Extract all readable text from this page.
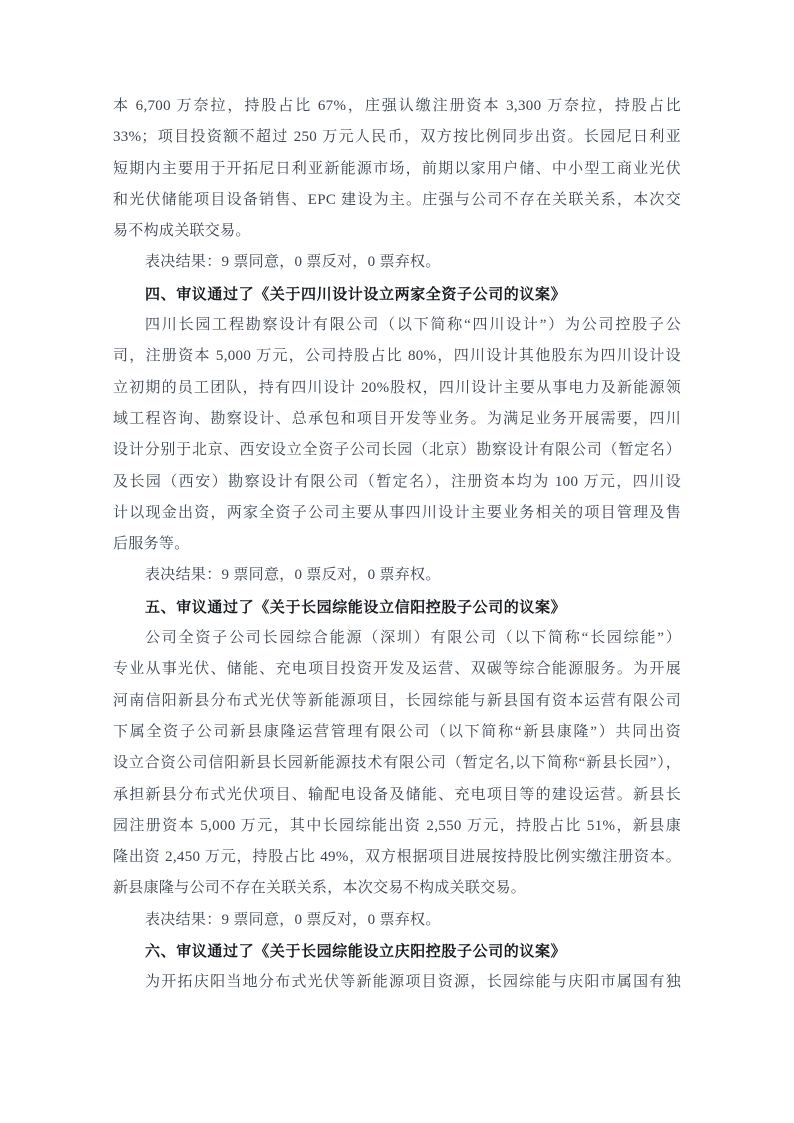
本 6,700 万奈拉，持股占比 67%，庄强认缴注册资本 3,300 万奈拉，持股占比
33%；项目投资额不超过 250 万元人民币，双方按比例同步出资。长园尼日利亚
短期内主要用于开拓尼日利亚新能源市场，前期以家用户储、中小型工商业光伏
和光伏储能项目设备销售、EPC 建设为主。庄强与公司不存在关联关系，本次交
易不构成关联交易。
表决结果：9 票同意，0 票反对，0 票弃权。
四、审议通过了《关于四川设计设立两家全资子公司的议案》
四川长园工程勘察设计有限公司（以下简称“四川设计”）为公司控股子公
司，注册资本 5,000 万元，公司持股占比 80%，四川设计其他股东为四川设计设
立初期的员工团队，持有四川设计 20%股权，四川设计主要从事电力及新能源领
域工程咨询、勘察设计、总承包和项目开发等业务。为满足业务开展需要，四川
设计分别于北京、西安设立全资子公司长园（北京）勘察设计有限公司（暂定名）
及长园（西安）勘察设计有限公司（暂定名），注册资本均为 100 万元，四川设
计以现金出资，两家全资子公司主要从事四川设计主要业务相关的项目管理及售
后服务等。
表决结果：9 票同意，0 票反对，0 票弃权。
五、审议通过了《关于长园综能设立信阳控股子公司的议案》
公司全资子公司长园综合能源（深圳）有限公司（以下简称“长园综能”）
专业从事光伏、储能、充电项目投资开发及运营、双碳等综合能源服务。为开展
河南信阳新县分布式光伏等新能源项目，长园综能与新县国有资本运营有限公司
下属全资子公司新县康隆运营管理有限公司（以下简称“新县康隆”）共同出资
设立合资公司信阳新县长园新能源技术有限公司（暂定名,以下简称“新县长园”），
承担新县分布式光伏项目、输配电设备及储能、充电项目等的建设运营。新县长
园注册资本 5,000 万元，其中长园综能出资 2,550 万元，持股占比 51%，新县康
隆出资 2,450 万元，持股占比 49%，双方根据项目进展按持股比例实缴注册资本。
新县康隆与公司不存在关联关系，本次交易不构成关联交易。
表决结果：9 票同意，0 票反对，0 票弃权。
六、审议通过了《关于长园综能设立庆阳控股子公司的议案》
为开拓庆阳当地分布式光伏等新能源项目资源，长园综能与庆阳市属国有独
